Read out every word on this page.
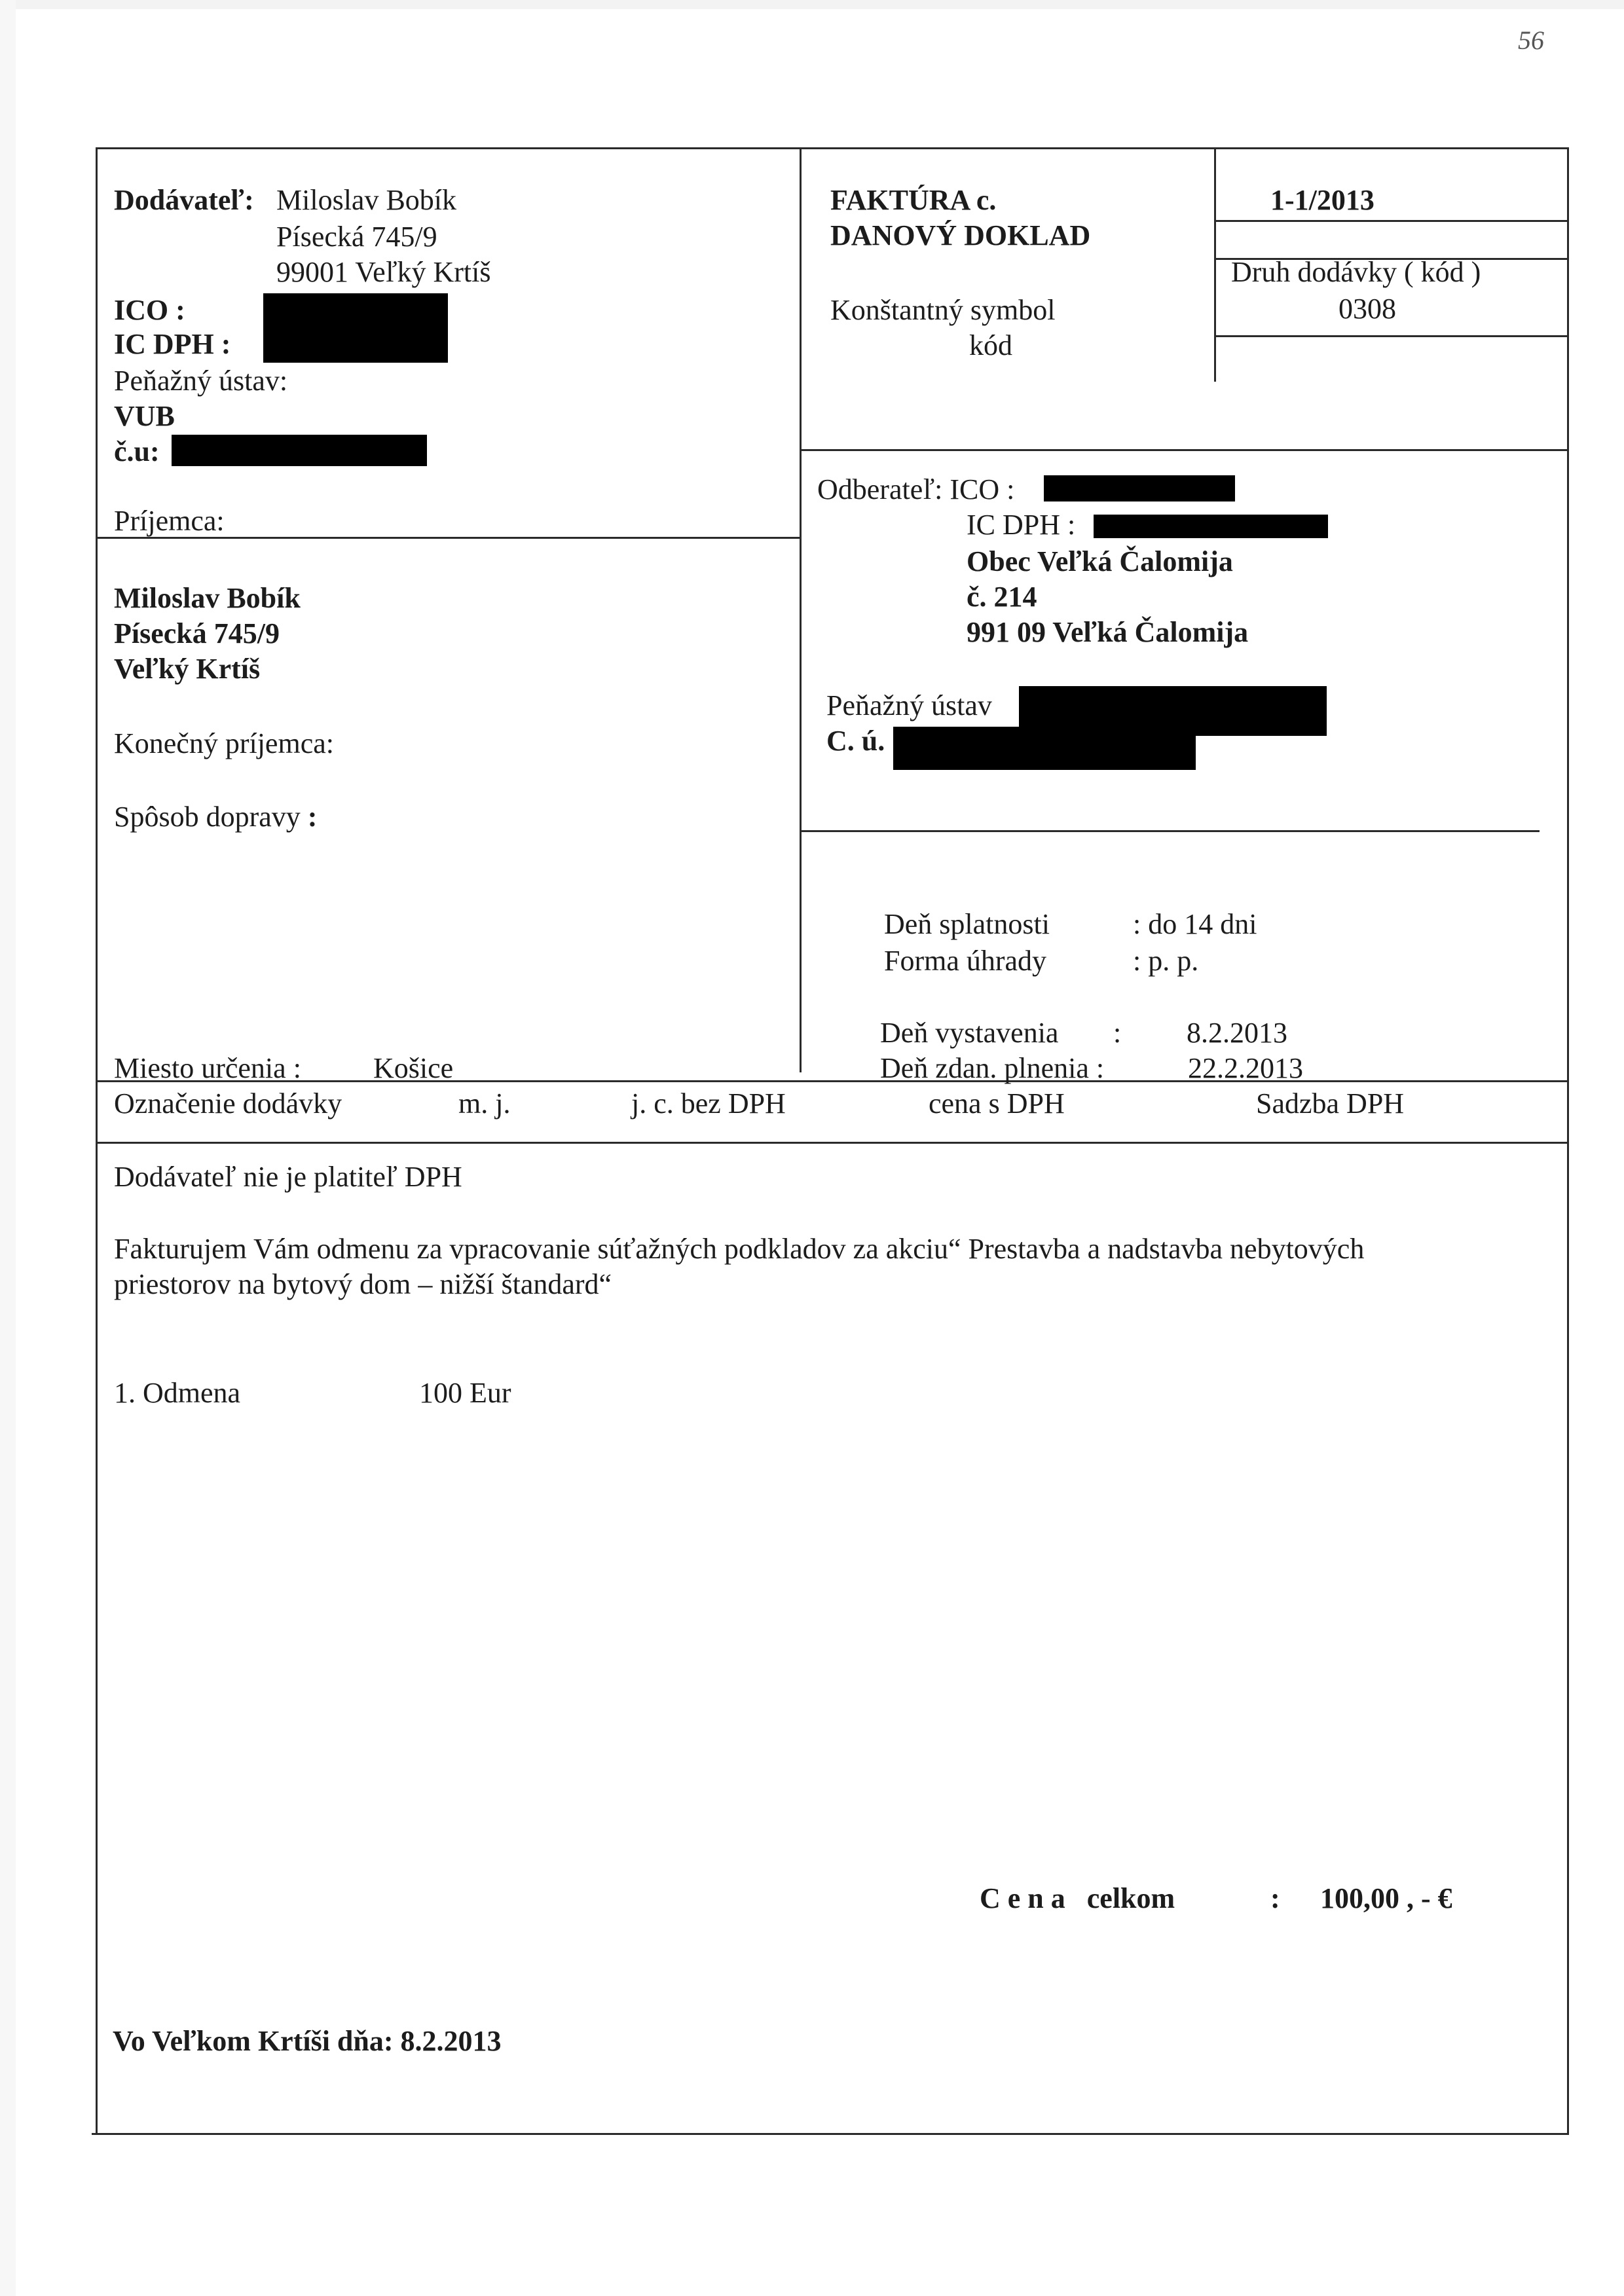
56
Dodávateľ: Miloslav Bobík
Písecká 745/9
99001 Veľký Krtíš
ICO :
IC DPH :
Peňažný ústav:
VUB
č.u:
Príjemca:
Miloslav Bobík
Písecká 745/9
Veľký Krtíš
Konečný príjemca:
Spôsob dopravy :
Miesto určenia :	Košice
FAKTÚRA c.
DANOVÝ DOKLAD
Konštantný symbol
kód
1-1/2013
Druh dodávky ( kód )
0308
Odberateľ: ICO :
IC DPH :
Obec Veľká Čalomija
č. 214
991 09 Veľká Čalomija
Peňažný ústav
C. ú.
Deň splatnosti	: do 14 dni
Forma úhrady	: p. p.
Deň vystavenia : 8.2.2013
Deň zdan. plnenia :	22.2.2013
Označenie dodávky	m. j.	j. c. bez DPH	cena s DPH	Sadzba DPH
Dodávateľ nie je platiteľ DPH
Fakturujem Vám odmenu za vpracovanie súťažných podkladov za akciu“ Prestavba a nadstavba nebytových
priestorov na bytový dom – nižší štandard“
1. Odmena	100 Eur
C e n a   celkom	: 100,00 , - €
Vo Veľkom Krtíši dňa: 8.2.2013
